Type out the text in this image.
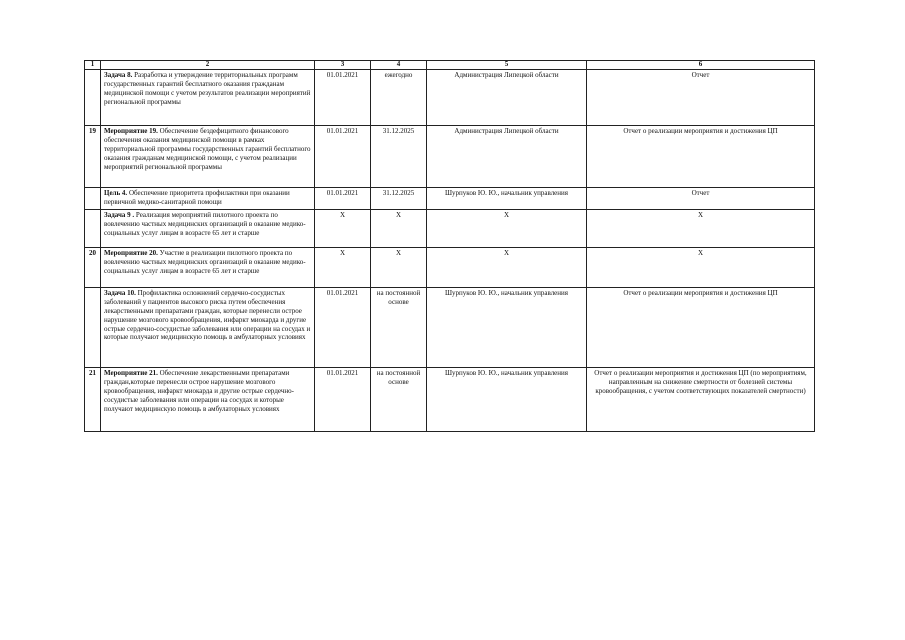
1	2	3	4	5	6
	Задача 8. Разработка и утверждение территориальных программ государственных гарантий бесплатного оказания гражданам медицинской помощи с учетом результатов реализации мероприятий региональной программы	01.01.2021	ежегодно	Администрация Липецкой области	Отчет
19	Мероприятие 19. Обеспечение бездефицитного финансового обеспечения оказания медицинской помощи в рамках территориальной программы государственных гарантий бесплатного оказания гражданам медицинской помощи, с учетом реализации мероприятий региональной программы	01.01.2021	31.12.2025	Администрация Липецкой области	Отчет о реализации мероприятия и достижения ЦП
	Цель 4. Обеспечение приоритета профилактики при оказании первичной медико-санитарной помощи	01.01.2021	31.12.2025	Шурпуков Ю. Ю., начальник управления	Отчет
	Задача 9 . Реализация мероприятий пилотного проекта по вовлечению частных медицинских организаций в оказание медико-социальных услуг лицам в возрасте 65 лет и старше	X	X	X	X
20	Мероприятие 20. Участие в реализации пилотного проекта по вовлечению частных медицинских организаций в оказание медико-социальных услуг лицам в возрасте 65 лет и старше	X	X	X	X
	Задача 10. Профилактика осложнений сердечно-сосудистых заболеваний у пациентов высокого риска путем обеспечения лекарственными препаратами граждан, которые перенесли острое нарушение мозгового кровообращения, инфаркт миокарда и другие острые сердечно-сосудистые заболевания или операции на сосудах и которые получают медицинскую помощь в амбулаторных условиях	01.01.2021	на постоянной основе	Шурпуков Ю. Ю., начальник управления	Отчет о реализации мероприятия и достижения ЦП
21	Мероприятие 21. Обеспечение лекарственными препаратами граждан,которые перенесли острое нарушение мозгового кровообращения, инфаркт миокарда и другие острые сердечно-сосудистые заболевания или операции на сосудах и которые получают медицинскую помощь в амбулаторных условиях	01.01.2021	на постоянной основе	Шурпуков Ю. Ю., начальник управления	Отчет о реализации мероприятия и достижения ЦП (по мероприятиям, направленным на снижение смертности от болезней системы кровообращения, с учетом соответствующих показателей смертности)
